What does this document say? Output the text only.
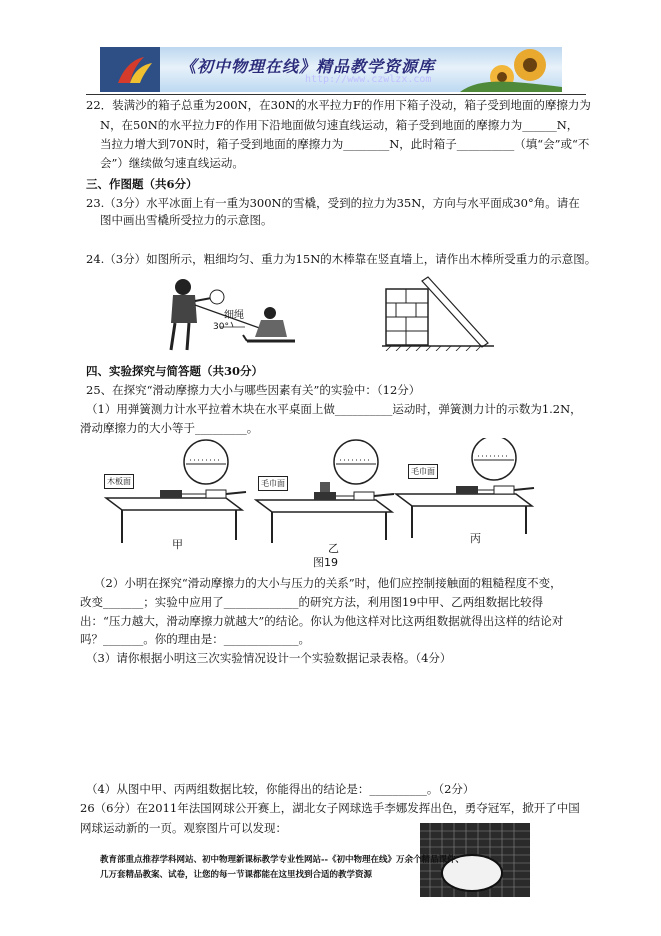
《初中物理在线》精品教学资源库
http://www.czwlzx.com
22．装满沙的箱子总重为200N，在30N的水平拉力F的作用下箱子没动，箱子受到地面的摩擦力为
N，在50N的水平拉力F的作用下沿地面做匀速直线运动，箱子受到地面的摩擦力为______N，
当拉力增大到70N时，箱子受到地面的摩擦力为________N，此时箱子__________（填“会”或“不
会”）继续做匀速直线运动。
三、作图题（共6分）
23.（3分）水平冰面上有一重为300N的雪橇，受到的拉力为35N，方向与水平面成30°角。请在
图中画出雪橇所受拉力的示意图。
24.（3分）如图所示，粗细均匀、重力为15N的木棒靠在竖直墙上，请作出木棒所受重力的示意图。
细绳
30°
四、实验探究与简答题（共30分）
25、在探究“滑动摩擦力大小与哪些因素有关”的实验中：（12分）
（1）用弹簧测力计水平拉着木块在水平桌面上做__________运动时，弹簧测力计的示数为1.2N，
滑动摩擦力的大小等于_________。
木板面	毛巾面
毛巾面
甲	乙
丙
图19
（2）小明在探究“滑动摩擦力的大小与压力的关系”时，他们应控制接触面的粗糙程度不变，
改变_______；实验中应用了_____________的研究方法，利用图19中甲、乙两组数据比较得
出：“压力越大，滑动摩擦力就越大”的结论。你认为他这样对比这两组数据就得出这样的结论对
吗？_______。你的理由是：_____________。
（3）请你根据小明这三次实验情况设计一个实验数据记录表格。（4分）
（4）从图中甲、丙两组数据比较，你能得出的结论是：__________。（2分）
26（6分）在2011年法国网球公开赛上，湖北女子网球选手李娜发挥出色，勇夺冠军，掀开了中国
网球运动新的一页。观察图片可以发现：
教育部重点推荐学科网站、初中物理新课标教学专业性网站--《初中物理在线》万余个精品课件、
几万套精品教案、试卷，让您的每一节课都能在这里找到合适的教学资源
